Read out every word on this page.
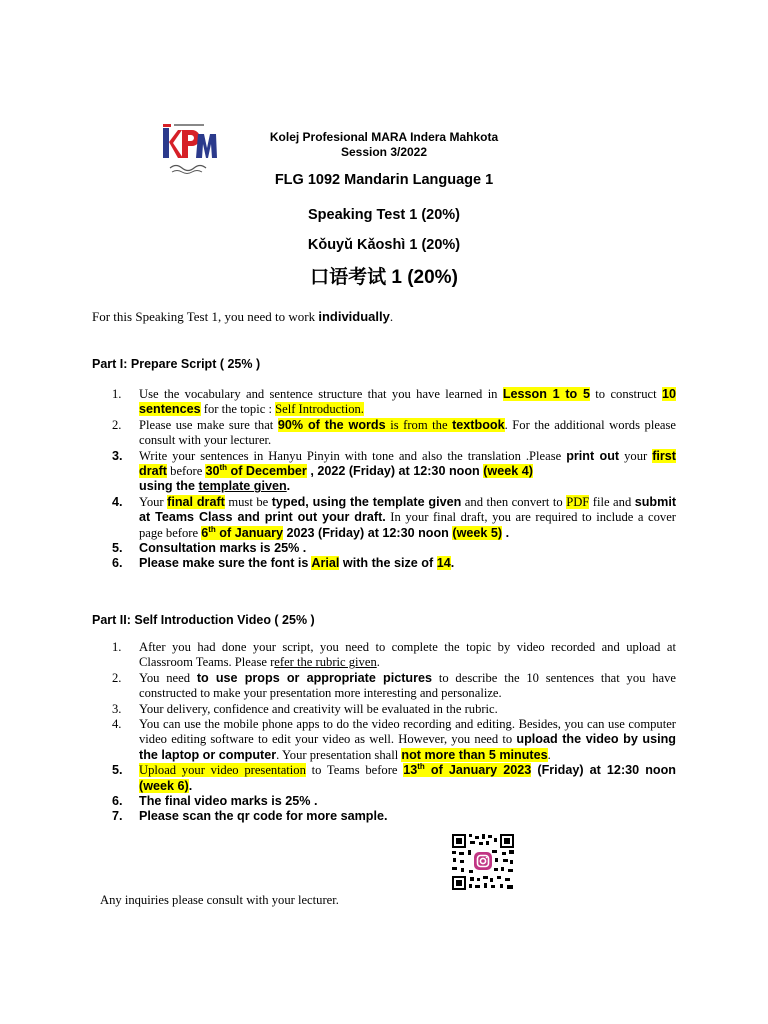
Kolej Profesional MARA Indera Mahkota
Session 3/2022
FLG 1092 Mandarin Language 1
Speaking Test 1 (20%)
Kǒuyǔ Kǎoshì 1 (20%)
口语考试 1 (20%)
For this Speaking Test 1, you need to work individually.
Part I: Prepare Script ( 25% )
1. Use the vocabulary and sentence structure that you have learned in Lesson 1 to 5 to construct 10 sentences for the topic : Self Introduction.
2. Please use make sure that 90% of the words is from the textbook. For the additional words please consult with your lecturer.
3. Write your sentences in Hanyu Pinyin with tone and also the translation .Please print out your first draft before 30th of December , 2022 (Friday) at 12:30 noon (week 4)
using the template given.
4. Your final draft must be typed, using the template given and then convert to PDF file and submit at Teams Class and print out your draft. In your final draft, you are required to include a cover page before 6th of January 2023 (Friday) at 12:30 noon (week 5) .
5. Consultation marks is 25% .
6. Please make sure the font is Arial with the size of 14.
Part II: Self Introduction Video ( 25% )
1. After you had done your script, you need to complete the topic by video recorded and upload at Classroom Teams. Please refer the rubric given.
2. You need to use props or appropriate pictures to describe the 10 sentences that you have constructed to make your presentation more interesting and personalize.
3. Your delivery, confidence and creativity will be evaluated in the rubric.
4. You can use the mobile phone apps to do the video recording and editing. Besides, you can use computer video editing software to edit your video as well. However, you need to upload the video by using the laptop or computer. Your presentation shall not more than 5 minutes.
5. Upload your video presentation to Teams before 13th of January 2023 (Friday) at 12:30 noon (week 6).
6. The final video marks is 25% .
7. Please scan the qr code for more sample.
Any inquiries please consult with your lecturer.
